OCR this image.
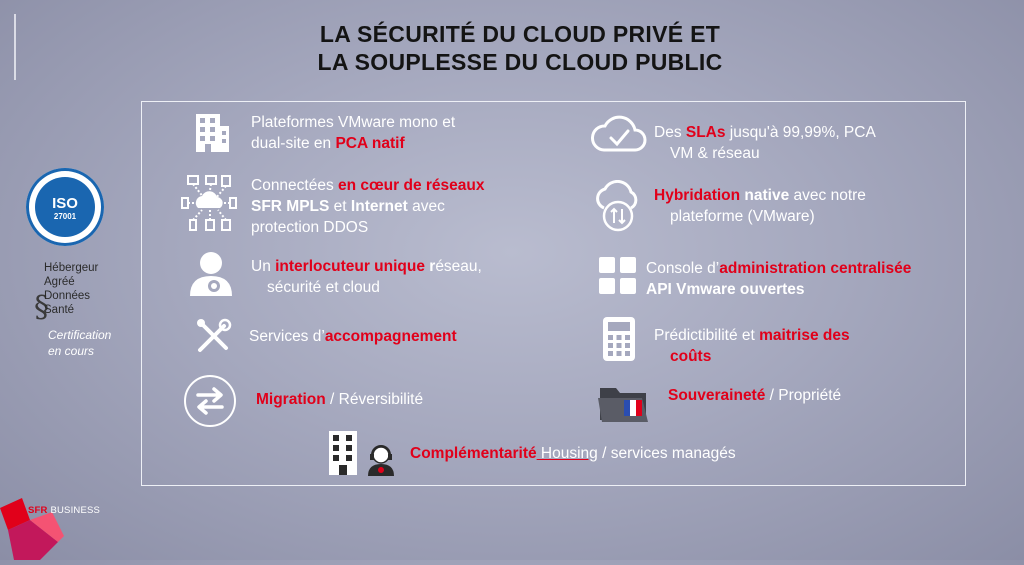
LA SÉCURITÉ DU CLOUD PRIVÉ ET
LA SOUPLESSE DU CLOUD PUBLIC
ISO
27001
§
Hébergeur
Agréé
Données
Santé
Certification
en cours
Plateformes VMware mono et
dual-site en PCA natif
Connectées en cœur de réseaux
SFR MPLS et Internet avec
protection DDOS
Un interlocuteur unique réseau,
sécurité et cloud
Services d’accompagnement
Migration / Réversibilité
Des SLAs jusqu'à 99,99%, PCA
VM & réseau
Hybridation native avec notre
plateforme (VMware)
Console d’administration centralisée
API Vmware ouvertes
Prédictibilité et maitrise des
coûts
Souveraineté / Propriété
Complémentarité Housing / services managés
SFR BUSINESS
